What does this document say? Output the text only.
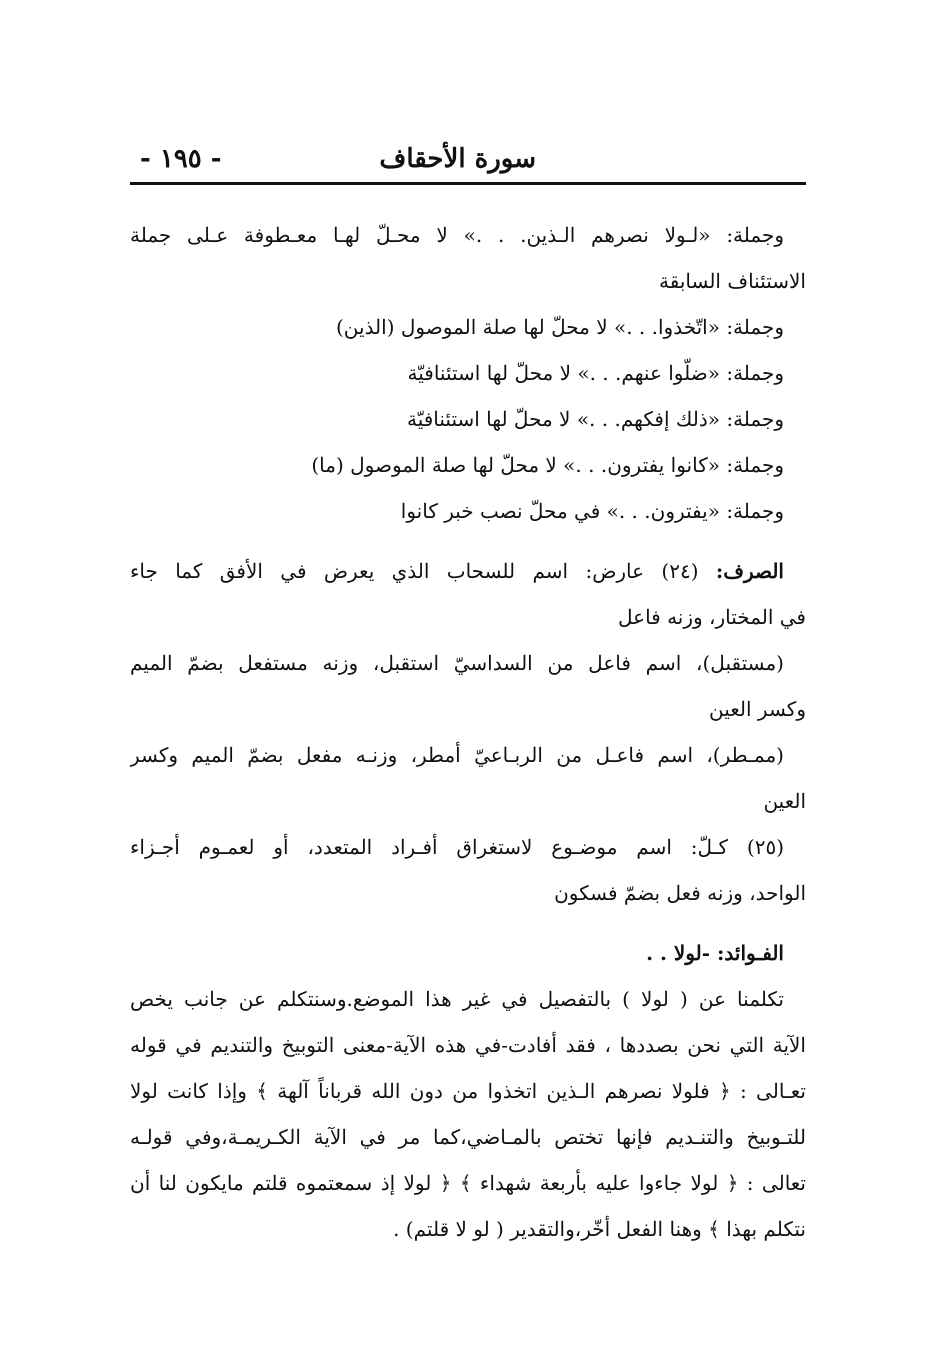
سورة الأحقاف
- ١٩٥ -
وجملة: «لـولا نصرهم الـذين. . .» لا محـلّ لهـا معـطوفة عـلى جملة
الاستئناف السابقة
وجملة: «اتّخذوا. . .» لا محلّ لها صلة الموصول (الذين)
وجملة: «ضلّوا عنهم. . .» لا محلّ لها استئنافيّة
وجملة: «ذلك إفكهم. . .» لا محلّ لها استئنافيّة
وجملة: «كانوا يفترون. . .» لا محلّ لها صلة الموصول (ما)
وجملة: «يفترون. . .» في محلّ نصب خبر كانوا
الصرف: (٢٤) عارض: اسم للسحاب الذي يعرض في الأفق كما جاء
في المختار، وزنه فاعل
(مستقبل)، اسم فاعل من السداسيّ استقبل، وزنه مستفعل بضمّ الميم
وكسر العين
(ممـطر)، اسم فاعـل من الربـاعيّ أمطر، وزنـه مفعل بضمّ الميم وكسر
العين
(٢٥) كـلّ: اسم موضـوع لاستغراق أفـراد المتعدد، أو لعمـوم أجـزاء
الواحد، وزنه فعل بضمّ فسكون
الفـوائد: -لولا . .
تكلمنا عن ( لولا ) بالتفصيل في غير هذا الموضع.وسنتكلم عن جانب يخص
الآية التي نحن بصددها ، فقد أفادت-في هذه الآية-معنى التوبيخ والتنديم في قوله
تعـالى : ﴿ فلولا نصرهم الـذين اتخذوا من دون الله قرباناً آلهة ﴾ وإذا كانت لولا
للتـوبيخ والتنـديم فإنها تختص بالمـاضي،كما مر في الآية الكـريمـة،وفي قولـه
تعالى : ﴿ لولا جاءوا عليه بأربعة شهداء ﴾ ﴿ لولا إذ سمعتموه قلتم مايكون لنا أن
نتكلم بهذا ﴾ وهنا الفعل أخّر،والتقدير ( لو لا قلتم) .
